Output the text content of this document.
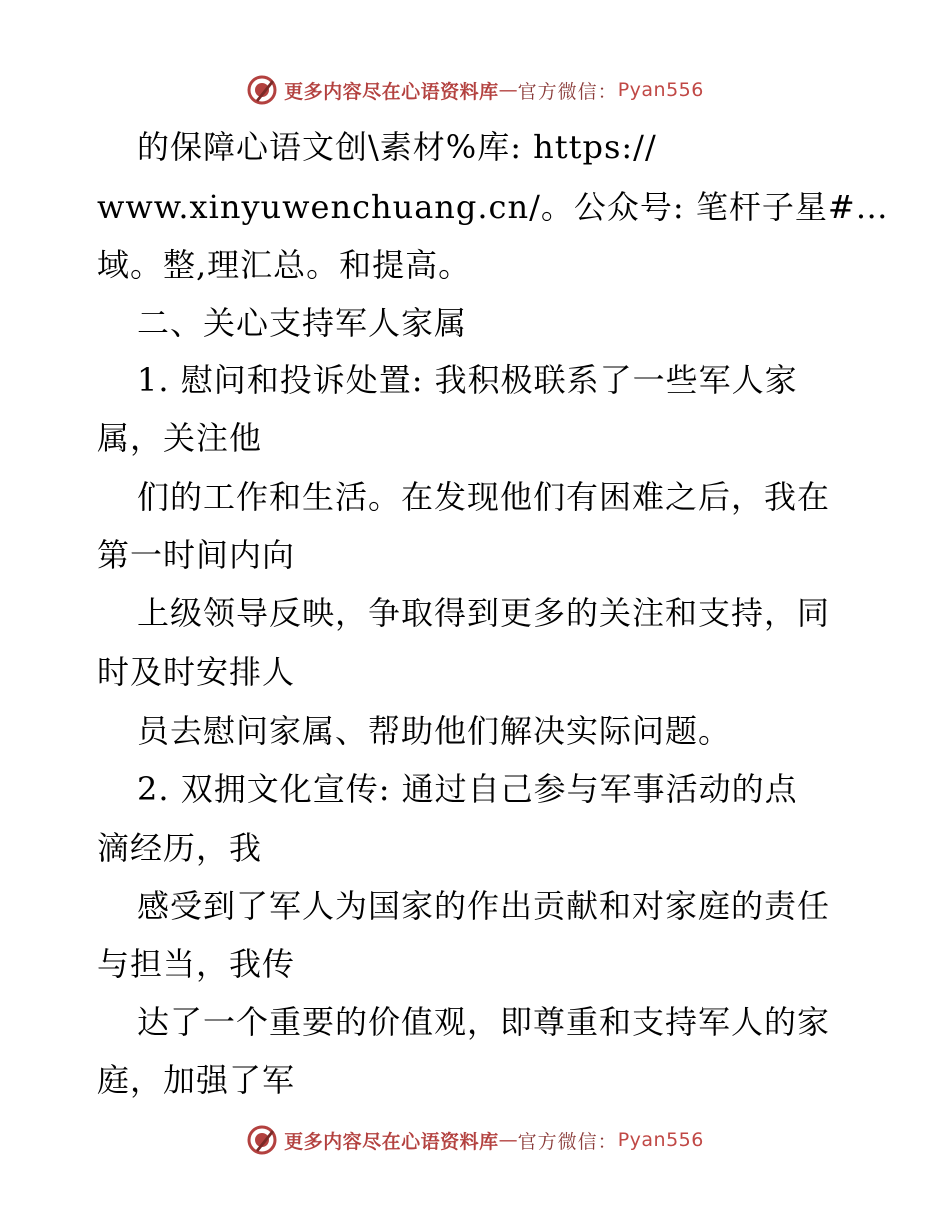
更多内容尽在心语资料库 — 官方微信： Pyan556
的保障心语文创\素材%库: https://
www.xinyuwenchuang.cn/。公众号: 笔杆子星#…
域。整,理汇总。和提高。
二、关心支持军人家属
1. 慰问和投诉处置: 我积极联系了一些军人家
属，关注他
们的工作和生活。在发现他们有困难之后，我在
第一时间内向
上级领导反映，争取得到更多的关注和支持，同
时及时安排人
员去慰问家属、帮助他们解决实际问题。
2. 双拥文化宣传: 通过自己参与军事活动的点
滴经历，我
感受到了军人为国家的作出贡献和对家庭的责任
与担当，我传
达了一个重要的价值观，即尊重和支持军人的家
庭，加强了军
更多内容尽在心语资料库 — 官方微信： Pyan556
